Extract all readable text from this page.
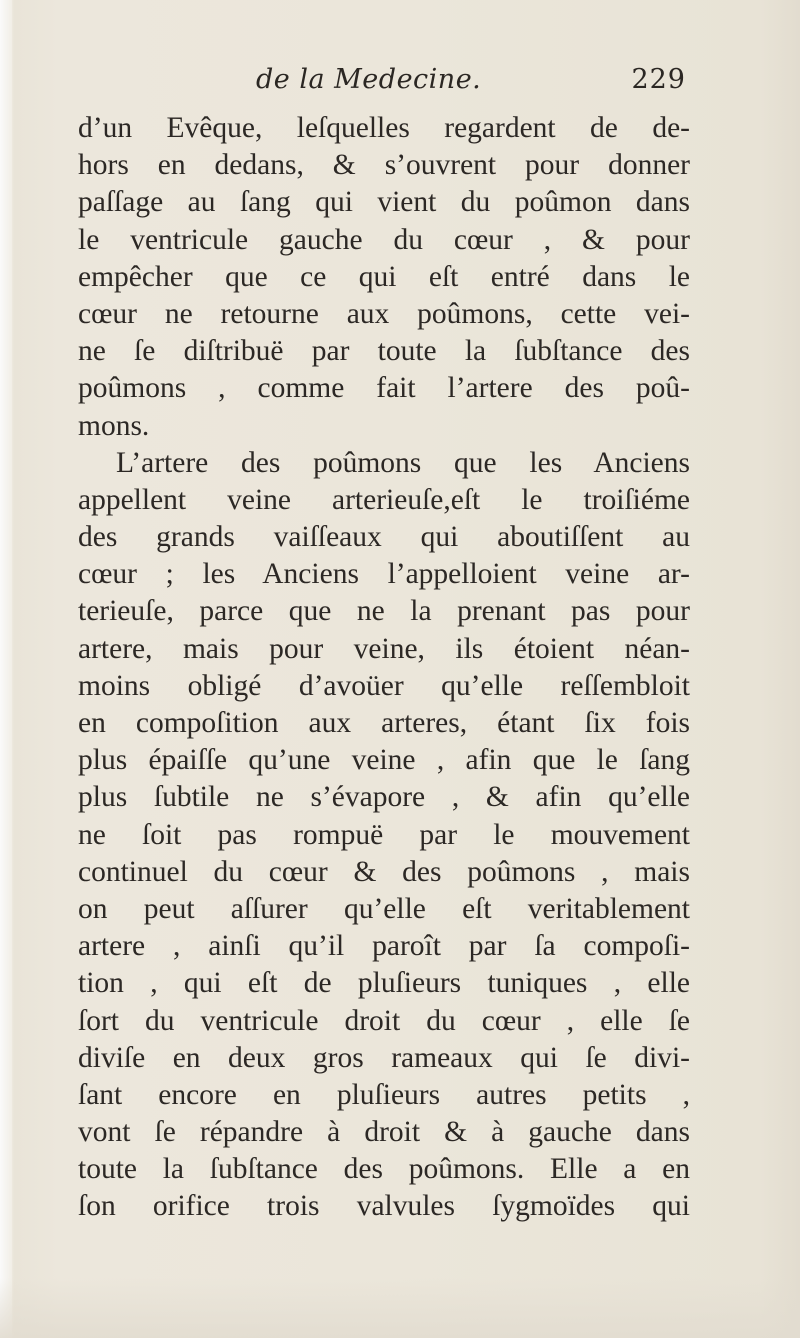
de la Medecine.	229
d’un Evêque, leſquelles regardent de de-
hors en dedans, & s’ouvrent pour donner
paſſage au ſang qui vient du poûmon dans
le ventricule gauche du cœur , & pour
empêcher que ce qui eſt entré dans le
cœur ne retourne aux poûmons, cette vei-
ne ſe diſtribuë par toute la ſubſtance des
poûmons , comme fait l’artere des poû-
mons.
L’artere des poûmons que les Anciens
appellent veine arterieuſe,eſt le troiſiéme
des grands vaiſſeaux qui aboutiſſent au
cœur ; les Anciens l’appelloient veine ar-
terieuſe, parce que ne la prenant pas pour
artere, mais pour veine, ils étoient néan-
moins obligé d’avoüer qu’elle reſſembloit
en compoſition aux arteres, étant ſix fois
plus épaiſſe qu’une veine , afin que le ſang
plus ſubtile ne s’évapore , & afin qu’elle
ne ſoit pas rompuë par le mouvement
continuel du cœur & des poûmons , mais
on peut aſſurer qu’elle eſt veritablement
artere , ainſi qu’il paroît par ſa compoſi-
tion , qui eſt de pluſieurs tuniques , elle
ſort du ventricule droit du cœur , elle ſe
diviſe en deux gros rameaux qui ſe divi-
ſant encore en pluſieurs autres petits ,
vont ſe répandre à droit & à gauche dans
toute la ſubſtance des poûmons. Elle a en
ſon orifice trois valvules ſygmoïdes qui
